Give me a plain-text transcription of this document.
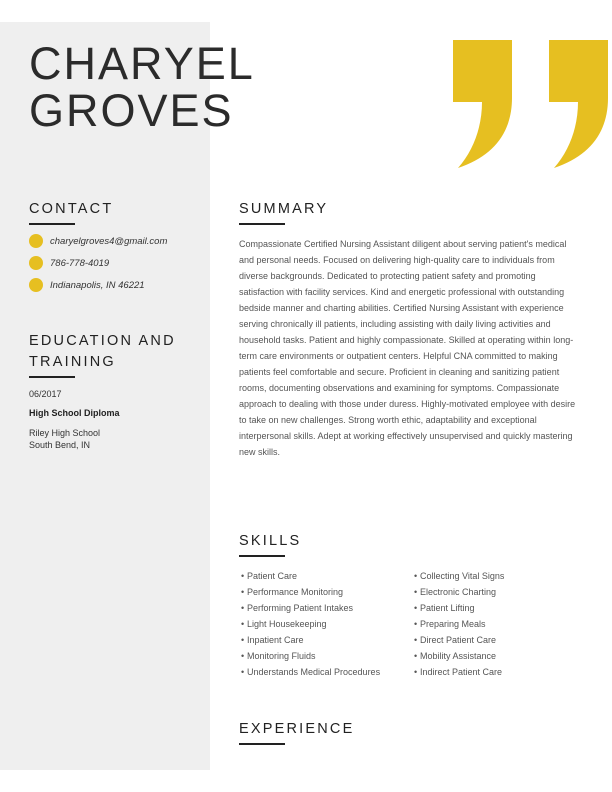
CHARYEL
GROVES
CONTACT
charyelgroves4@gmail.com
786-778-4019
Indianapolis, IN 46221
EDUCATION AND
TRAINING
06/2017
High School Diploma
Riley High School
South Bend, IN
SUMMARY
Compassionate Certified Nursing Assistant diligent about serving patient's medical and personal needs. Focused on delivering high-quality care to individuals from diverse backgrounds. Dedicated to protecting patient safety and promoting satisfaction with facility services. Kind and energetic professional with outstanding bedside manner and charting abilities. Certified Nursing Assistant with experience serving chronically ill patients, including assisting with daily living activities and household tasks. Patient and highly compassionate. Skilled at operating within long-term care environments or outpatient centers. Helpful CNA committed to making patients feel comfortable and secure. Proficient in cleaning and sanitizing patient rooms, documenting observations and examining for symptoms. Compassionate approach to dealing with those under duress. Highly-motivated employee with desire to take on new challenges. Strong worth ethic, adaptability and exceptional interpersonal skills. Adept at working effectively unsupervised and quickly mastering new skills.
SKILLS
• Patient Care
• Performance Monitoring
• Performing Patient Intakes
• Light Housekeeping
• Inpatient Care
• Monitoring Fluids
• Understands Medical Procedures
• Collecting Vital Signs
• Electronic Charting
• Patient Lifting
• Preparing Meals
• Direct Patient Care
• Mobility Assistance
• Indirect Patient Care
EXPERIENCE
